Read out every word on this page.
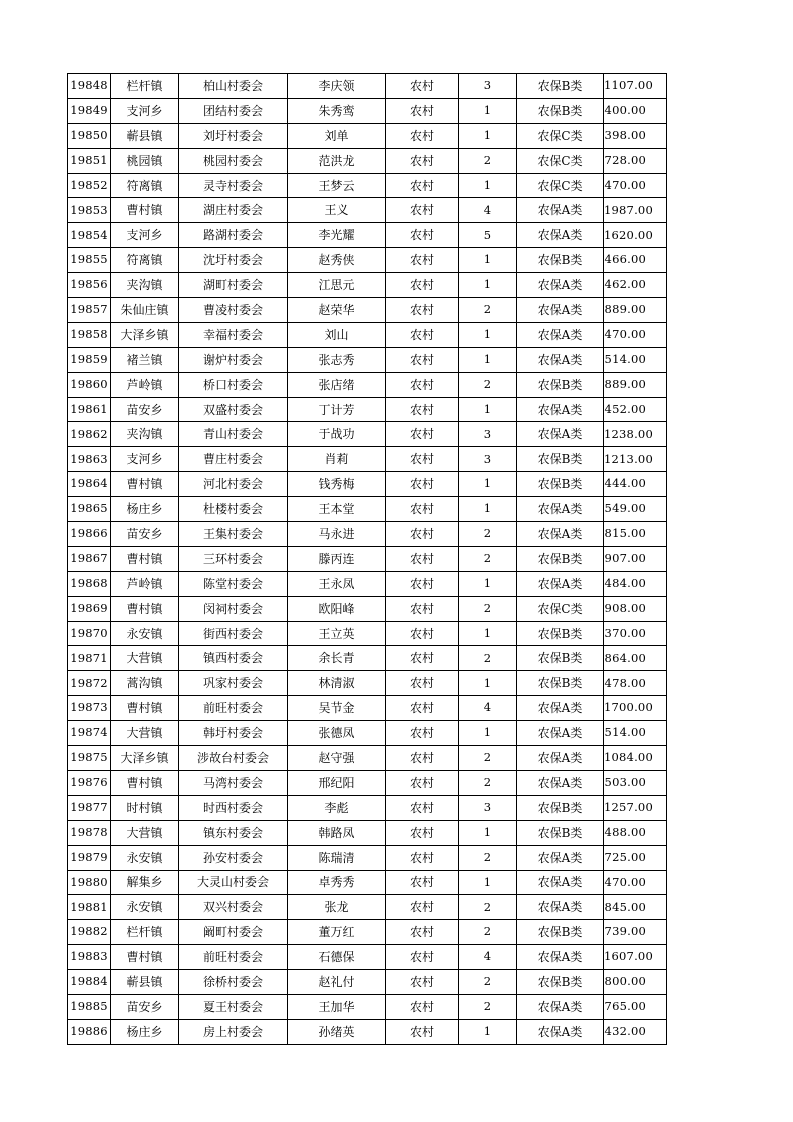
19848	栏杆镇	柏山村委会	李庆领	农村	3	农保B类	1107.00
19849	支河乡	团结村委会	朱秀鸾	农村	1	农保B类	400.00
19850	蕲县镇	刘圩村委会	刘单	农村	1	农保C类	398.00
19851	桃园镇	桃园村委会	范洪龙	农村	2	农保C类	728.00
19852	符离镇	灵寺村委会	王梦云	农村	1	农保C类	470.00
19853	曹村镇	湖庄村委会	王义	农村	4	农保A类	1987.00
19854	支河乡	路湖村委会	李光耀	农村	5	农保A类	1620.00
19855	符离镇	沈圩村委会	赵秀侠	农村	1	农保B类	466.00
19856	夹沟镇	湖町村委会	江思元	农村	1	农保A类	462.00
19857	朱仙庄镇	曹凌村委会	赵荣华	农村	2	农保A类	889.00
19858	大泽乡镇	幸福村委会	刘山	农村	1	农保A类	470.00
19859	褚兰镇	谢炉村委会	张志秀	农村	1	农保A类	514.00
19860	芦岭镇	桥口村委会	张店绪	农村	2	农保B类	889.00
19861	苗安乡	双盛村委会	丁计芳	农村	1	农保A类	452.00
19862	夹沟镇	青山村委会	于战功	农村	3	农保A类	1238.00
19863	支河乡	曹庄村委会	肖莉	农村	3	农保B类	1213.00
19864	曹村镇	河北村委会	钱秀梅	农村	1	农保B类	444.00
19865	杨庄乡	杜楼村委会	王本堂	农村	1	农保A类	549.00
19866	苗安乡	王集村委会	马永进	农村	2	农保A类	815.00
19867	曹村镇	三环村委会	滕丙连	农村	2	农保B类	907.00
19868	芦岭镇	陈堂村委会	王永凤	农村	1	农保A类	484.00
19869	曹村镇	闵祠村委会	欧阳峰	农村	2	农保C类	908.00
19870	永安镇	街西村委会	王立英	农村	1	农保B类	370.00
19871	大营镇	镇西村委会	余长青	农村	2	农保B类	864.00
19872	蒿沟镇	巩家村委会	林清淑	农村	1	农保B类	478.00
19873	曹村镇	前旺村委会	吴节金	农村	4	农保A类	1700.00
19874	大营镇	韩圩村委会	张德凤	农村	1	农保A类	514.00
19875	大泽乡镇	涉故台村委会	赵守强	农村	2	农保A类	1084.00
19876	曹村镇	马湾村委会	邢纪阳	农村	2	农保A类	503.00
19877	时村镇	时西村委会	李彪	农村	3	农保B类	1257.00
19878	大营镇	镇东村委会	韩路凤	农村	1	农保B类	488.00
19879	永安镇	孙安村委会	陈瑞清	农村	2	农保A类	725.00
19880	解集乡	大灵山村委会	卓秀秀	农村	1	农保A类	470.00
19881	永安镇	双兴村委会	张龙	农村	2	农保A类	845.00
19882	栏杆镇	阚町村委会	董万红	农村	2	农保B类	739.00
19883	曹村镇	前旺村委会	石德保	农村	4	农保A类	1607.00
19884	蕲县镇	徐桥村委会	赵礼付	农村	2	农保B类	800.00
19885	苗安乡	夏王村委会	王加华	农村	2	农保A类	765.00
19886	杨庄乡	房上村委会	孙绪英	农村	1	农保A类	432.00
